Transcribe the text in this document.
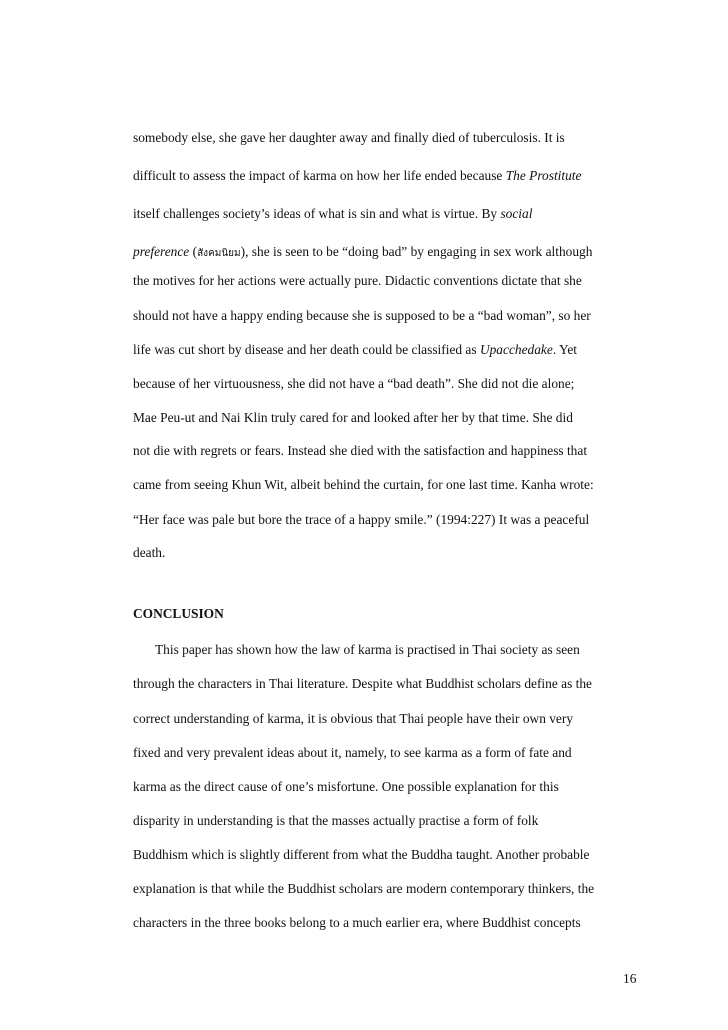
somebody else, she gave her daughter away and finally died of tuberculosis. It is
difficult to assess the impact of karma on how her life ended because The Prostitute
itself challenges society’s ideas of what is sin and what is virtue. By social
preference (สังคมนิยม), she is seen to be “doing bad” by engaging in sex work although
the motives for her actions were actually pure. Didactic conventions dictate that she
should not have a happy ending because she is supposed to be a “bad woman”, so her
life was cut short by disease and her death could be classified as Upacchedake. Yet
because of her virtuousness, she did not have a “bad death”. She did not die alone;
Mae Peu-ut and Nai Klin truly cared for and looked after her by that time. She did
not die with regrets or fears. Instead she died with the satisfaction and happiness that
came from seeing Khun Wit, albeit behind the curtain, for one last time. Kanha wrote:
“Her face was pale but bore the trace of a happy smile.” (1994:227) It was a peaceful
death.
CONCLUSION
This paper has shown how the law of karma is practised in Thai society as seen
through the characters in Thai literature. Despite what Buddhist scholars define as the
correct understanding of karma, it is obvious that Thai people have their own very
fixed and very prevalent ideas about it, namely, to see karma as a form of fate and
karma as the direct cause of one’s misfortune. One possible explanation for this
disparity in understanding is that the masses actually practise a form of folk
Buddhism which is slightly different from what the Buddha taught. Another probable
explanation is that while the Buddhist scholars are modern contemporary thinkers, the
characters in the three books belong to a much earlier era, where Buddhist concepts
16
